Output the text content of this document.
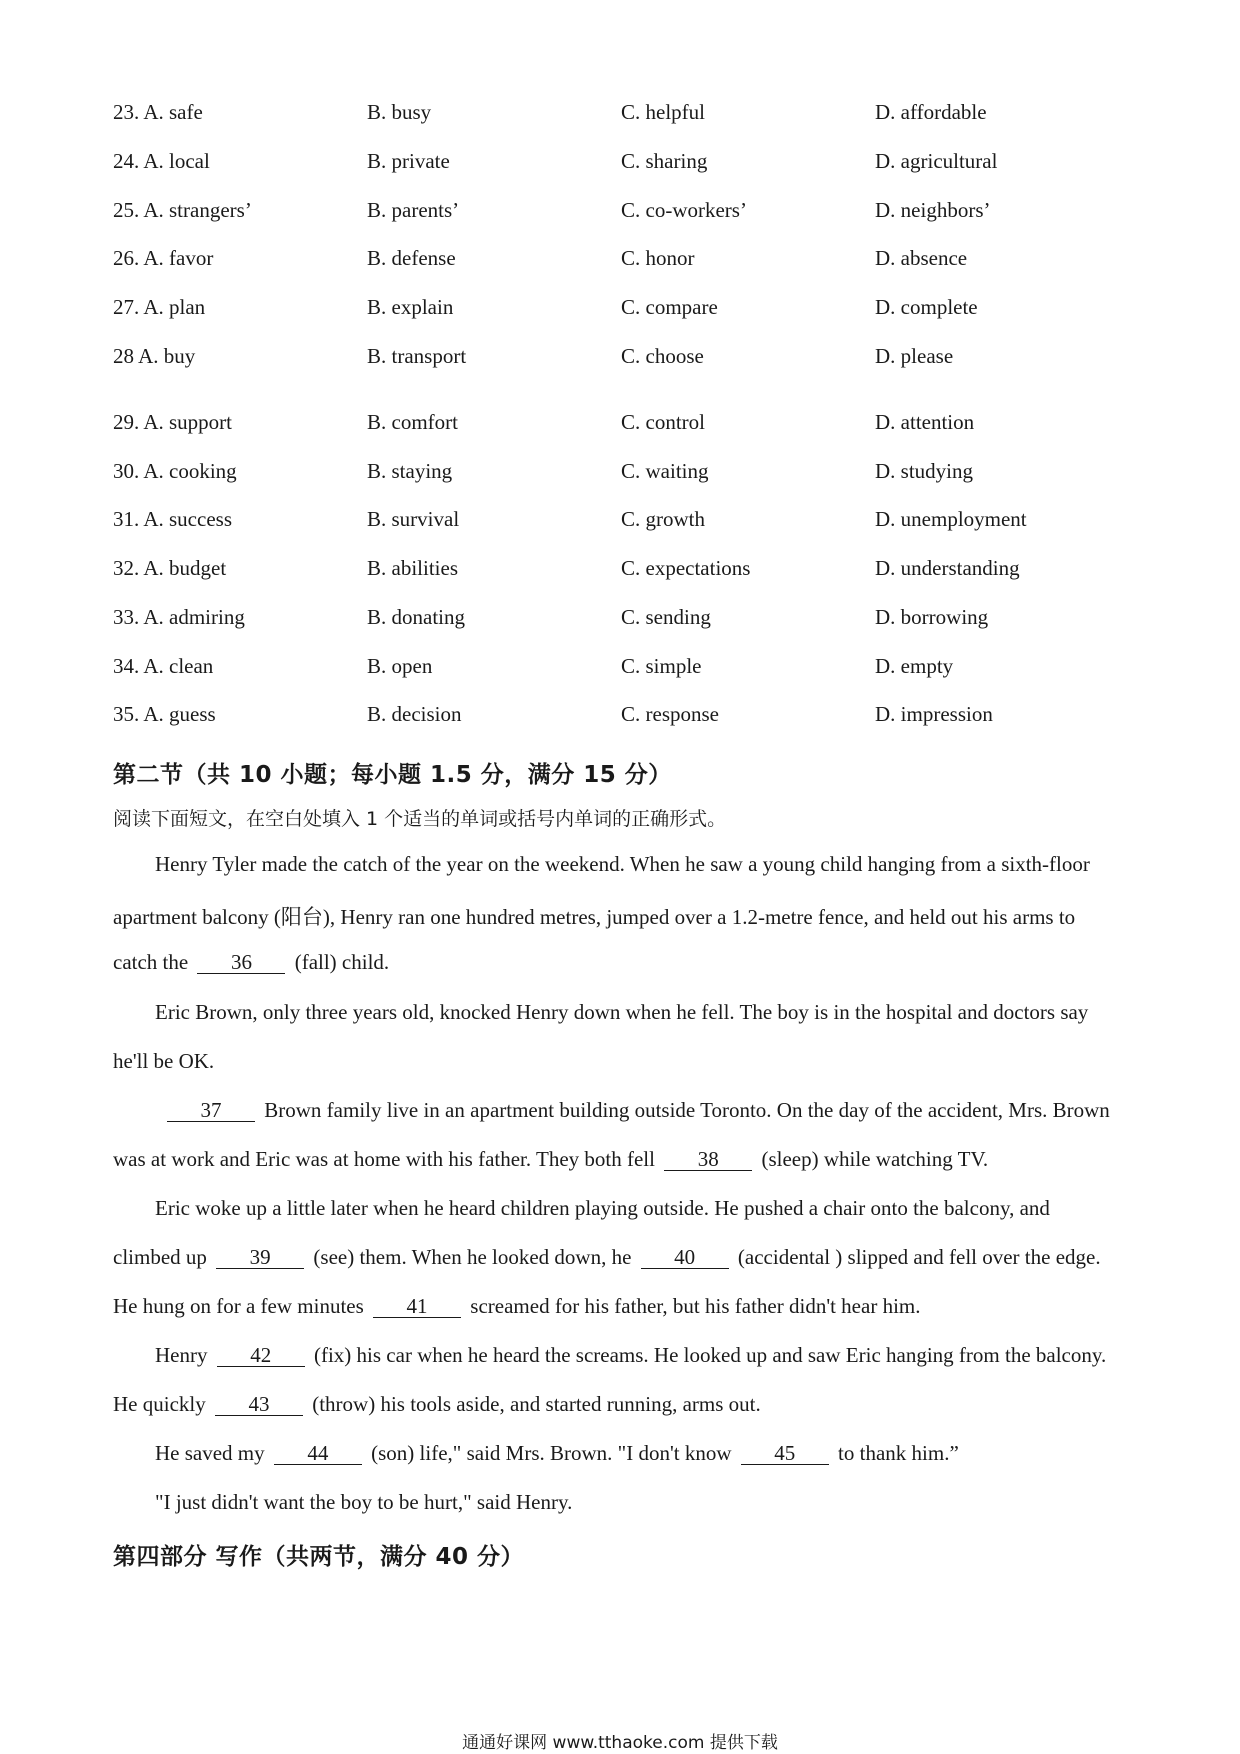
23. A. safe	B. busy	C. helpful	D. affordable
24. A. local	B. private	C. sharing	D. agricultural
25. A. strangers’	B. parents’	C. co-workers’	D. neighbors’
26. A. favor	B. defense	C. honor	D. absence
27. A. plan	B. explain	C. compare	D. complete
28 A. buy	B. transport	C. choose	D. please
29. A. support	B. comfort	C. control	D. attention
30. A. cooking	B. staying	C. waiting	D. studying
31. A. success	B. survival	C. growth	D. unemployment
32. A. budget	B. abilities	C. expectations	D. understanding
33. A. admiring	B. donating	C. sending	D. borrowing
34. A. clean	B. open	C. simple	D. empty
35. A. guess	B. decision	C. response	D. impression
第二节（共 10 小题；每小题 1.5 分，满分 15 分）
阅读下面短文，在空白处填入 1 个适当的单词或括号内单词的正确形式。
Henry Tyler made the catch of the year on the weekend. When he saw a young child hanging from a sixth-floor
apartment balcony (阳台), Henry ran one hundred metres, jumped over a 1.2-metre fence, and held out his arms to
catch the 36 (fall) child.
Eric Brown, only three years old, knocked Henry down when he fell. The boy is in the hospital and doctors say
he'll be OK.
37 Brown family live in an apartment building outside Toronto. On the day of the accident, Mrs. Brown
was at work and Eric was at home with his father. They both fell 38 (sleep) while watching TV.
Eric woke up a little later when he heard children playing outside. He pushed a chair onto the balcony, and
climbed up 39 (see) them. When he looked down, he 40 (accidental ) slipped and fell over the edge.
He hung on for a few minutes 41 screamed for his father, but his father didn't hear him.
Henry 42 (fix) his car when he heard the screams. He looked up and saw Eric hanging from the balcony.
He quickly 43 (throw) his tools aside, and started running, arms out.
He saved my 44 (son) life," said Mrs. Brown. "I don't know 45 to thank him.”
"I just didn't want the boy to be hurt," said Henry.
第四部分 写作（共两节，满分 40 分）
通通好课网 www.tthaoke.com 提供下载
